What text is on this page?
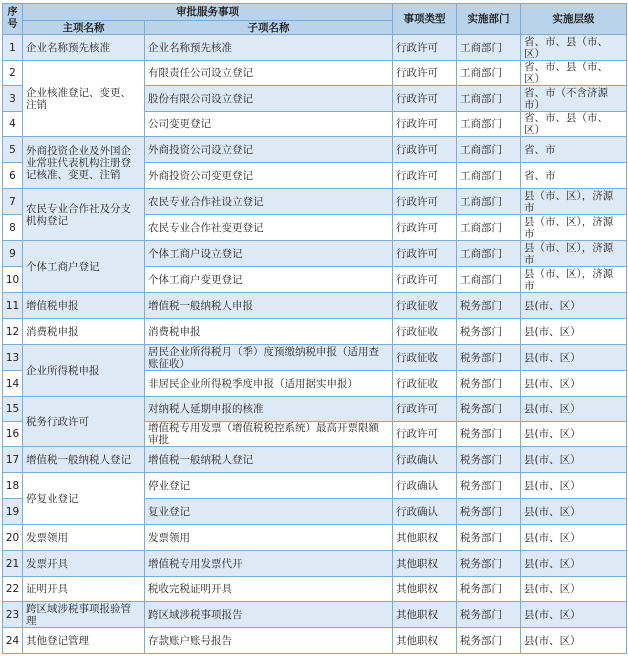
序号	审批服务事项		事项类型	实施部门	实施层级
	主项名称	子项名称			
1	企业名称预先核准	企业名称预先核准	行政许可	工商部门	省、市、县（市、区）
2	企业核准登记、变更、注销	有限责任公司设立登记	行政许可	工商部门	省、市、县（市、区）
3		股份有限公司设立登记	行政许可	工商部门	省、市（不含济源市）
4		公司变更登记	行政许可	工商部门	省、市、县（市、区）
5	外商投资企业及外国企业常驻代表机构注册登记核准、变更、注销	外商投资公司设立登记	行政许可	工商部门	省、市
6		外商投资公司变更登记	行政许可	工商部门	省、市
7	农民专业合作社及分支机构登记	农民专业合作社设立登记	行政许可	工商部门	县（市、区），济源市
8		农民专业合作社变更登记	行政许可	工商部门	县（市、区），济源市
9	个体工商户登记	个体工商户设立登记	行政许可	工商部门	县（市、区），济源市
10		个体工商户变更登记	行政许可	工商部门	县（市、区），济源市
11	增值税申报	增值税一般纳税人申报	行政征收	税务部门	县(市、区）
12	消费税申报	消费税申报	行政征收	税务部门	县(市、区）
13	企业所得税申报	居民企业所得税月（季）度预缴纳税申报（适用查账征收）	行政征收	税务部门	县(市、区）
14		非居民企业所得税季度申报（适用据实申报）	行政征收	税务部门	县(市、区）
15	税务行政许可	对纳税人延期申报的核准	行政许可	税务部门	县(市、区）
16		增值税专用发票（增值税税控系统）最高开票限额审批	行政许可	税务部门	县(市、区）
17	增值税一般纳税人登记	增值税一般纳税人登记	行政确认	税务部门	县(市、区）
18	停复业登记	停业登记	行政确认	税务部门	县(市、区）
19		复业登记	行政确认	税务部门	县(市、区）
20	发票领用	发票领用	其他职权	税务部门	县(市、区）
21	发票开具	增值税专用发票代开	其他职权	税务部门	县(市、区）
22	证明开具	税收完税证明开具	其他职权	税务部门	县(市、区）
23	跨区域涉税事项报验管理	跨区域涉税事项报告	其他职权	税务部门	县(市、区）
24	其他登记管理	存款账户账号报告	其他职权	税务部门	县(市、区）
